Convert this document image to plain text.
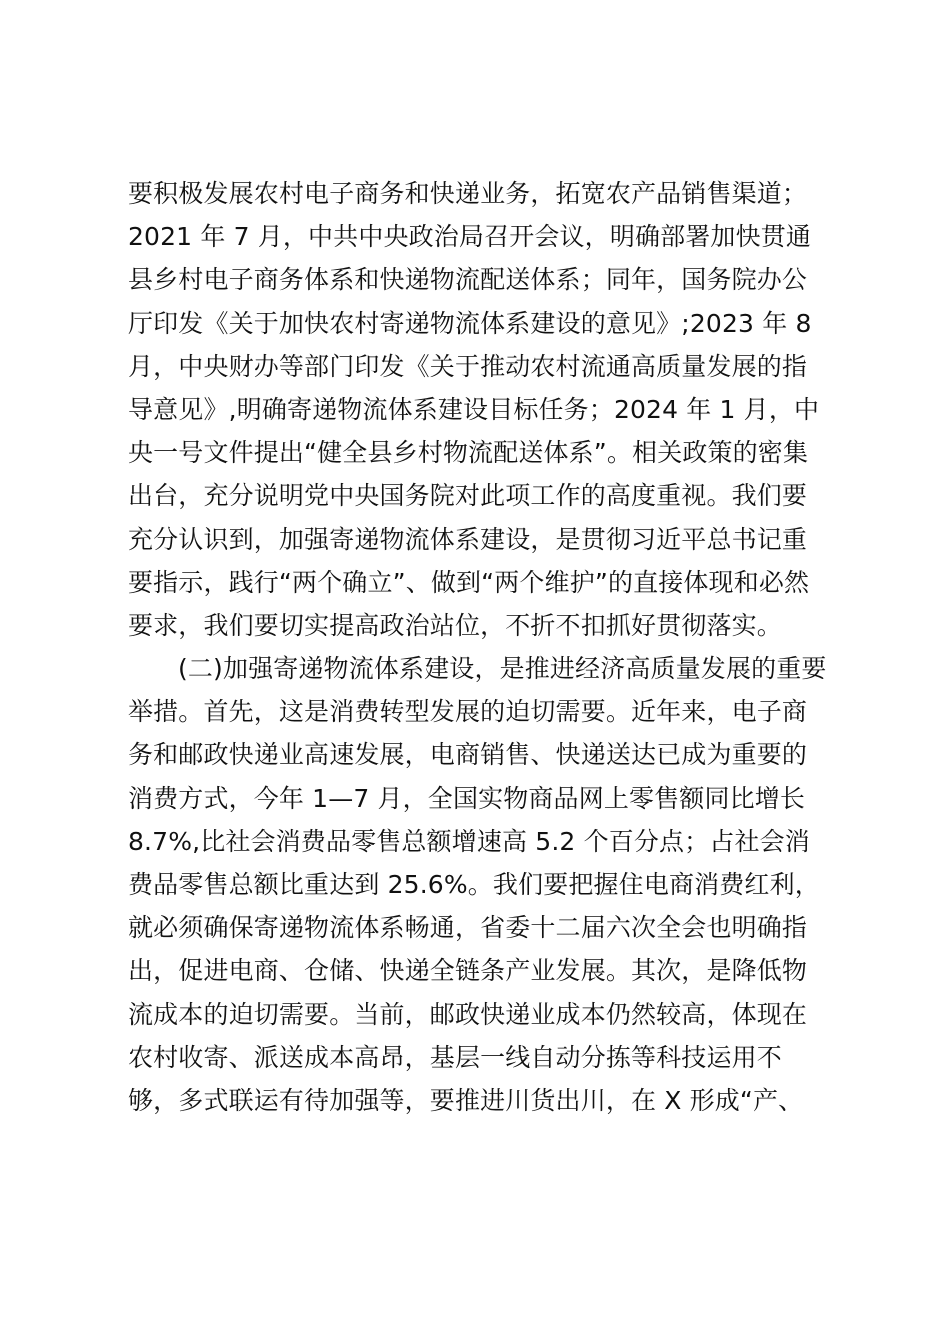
要积极发展农村电子商务和快递业务，拓宽农产品销售渠道；
2021 年 7 月，中共中央政治局召开会议，明确部署加快贯通
县乡村电子商务体系和快递物流配送体系；同年，国务院办公
厅印发《关于加快农村寄递物流体系建设的意见》;2023 年 8
月，中央财办等部门印发《关于推动农村流通高质量发展的指
导意见》,明确寄递物流体系建设目标任务；2024 年 1 月，中
央一号文件提出“健全县乡村物流配送体系”。相关政策的密集
出台，充分说明党中央国务院对此项工作的高度重视。我们要
充分认识到，加强寄递物流体系建设，是贯彻习近平总书记重
要指示，践行“两个确立”、做到“两个维护”的直接体现和必然
要求，我们要切实提高政治站位，不折不扣抓好贯彻落实。
(二)加强寄递物流体系建设，是推进经济高质量发展的重要
举措。首先，这是消费转型发展的迫切需要。近年来，电子商
务和邮政快递业高速发展，电商销售、快递送达已成为重要的
消费方式，今年 1—7 月，全国实物商品网上零售额同比增长
8.7%,比社会消费品零售总额增速高 5.2 个百分点；占社会消
费品零售总额比重达到 25.6%。我们要把握住电商消费红利，
就必须确保寄递物流体系畅通，省委十二届六次全会也明确指
出，促进电商、仓储、快递全链条产业发展。其次，是降低物
流成本的迫切需要。当前，邮政快递业成本仍然较高，体现在
农村收寄、派送成本高昂，基层一线自动分拣等科技运用不
够，多式联运有待加强等，要推进川货出川，在 X 形成“产、
